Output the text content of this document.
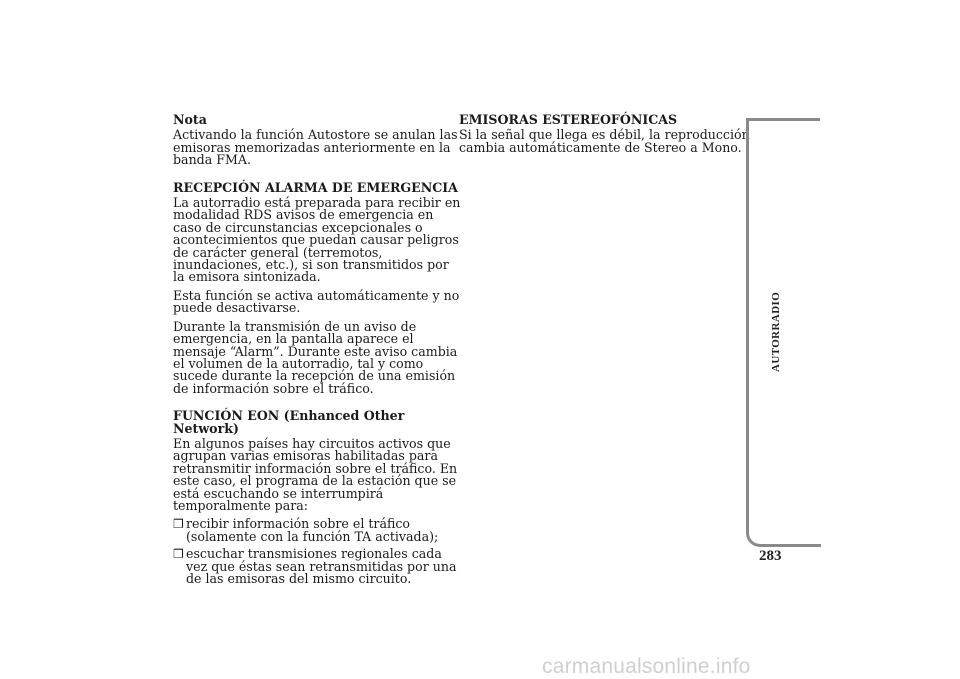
Nota
Activando la función Autostore se anulan las emisoras memorizadas anteriormente en la banda FMA.
RECEPCIÓN ALARMA DE EMERGENCIA
La autorradio está preparada para recibir en modalidad RDS avisos de emergencia en caso de circunstancias excepcionales o acontecimientos que puedan causar peligros de carácter general (terremotos, inundaciones, etc.), si son transmitidos por la emisora sintonizada.
Esta función se activa automáticamente y no puede desactivarse.
Durante la transmisión de un aviso de emergencia, en la pantalla aparece el mensaje “Alarm”. Durante este aviso cambia el volumen de la autorradio, tal y como sucede durante la recepción de una emisión de información sobre el tráfico.
FUNCIÓN EON (Enhanced Other Network)
En algunos países hay circuitos activos que agrupan varias emisoras habilitadas para retransmitir información sobre el tráfico. En este caso, el programa de la estación que se está escuchando se interrumpirá temporalmente para:
❒ recibir información sobre el tráfico (solamente con la función TA activada);
❒ escuchar transmisiones regionales cada vez que éstas sean retransmitidas por una de las emisoras del mismo circuito.
EMISORAS ESTEREOFÓNICAS
Si la señal que llega es débil, la reproducción cambia automáticamente de Stereo a Mono.
AUTORRADIO
283
carmanualsonline.info
